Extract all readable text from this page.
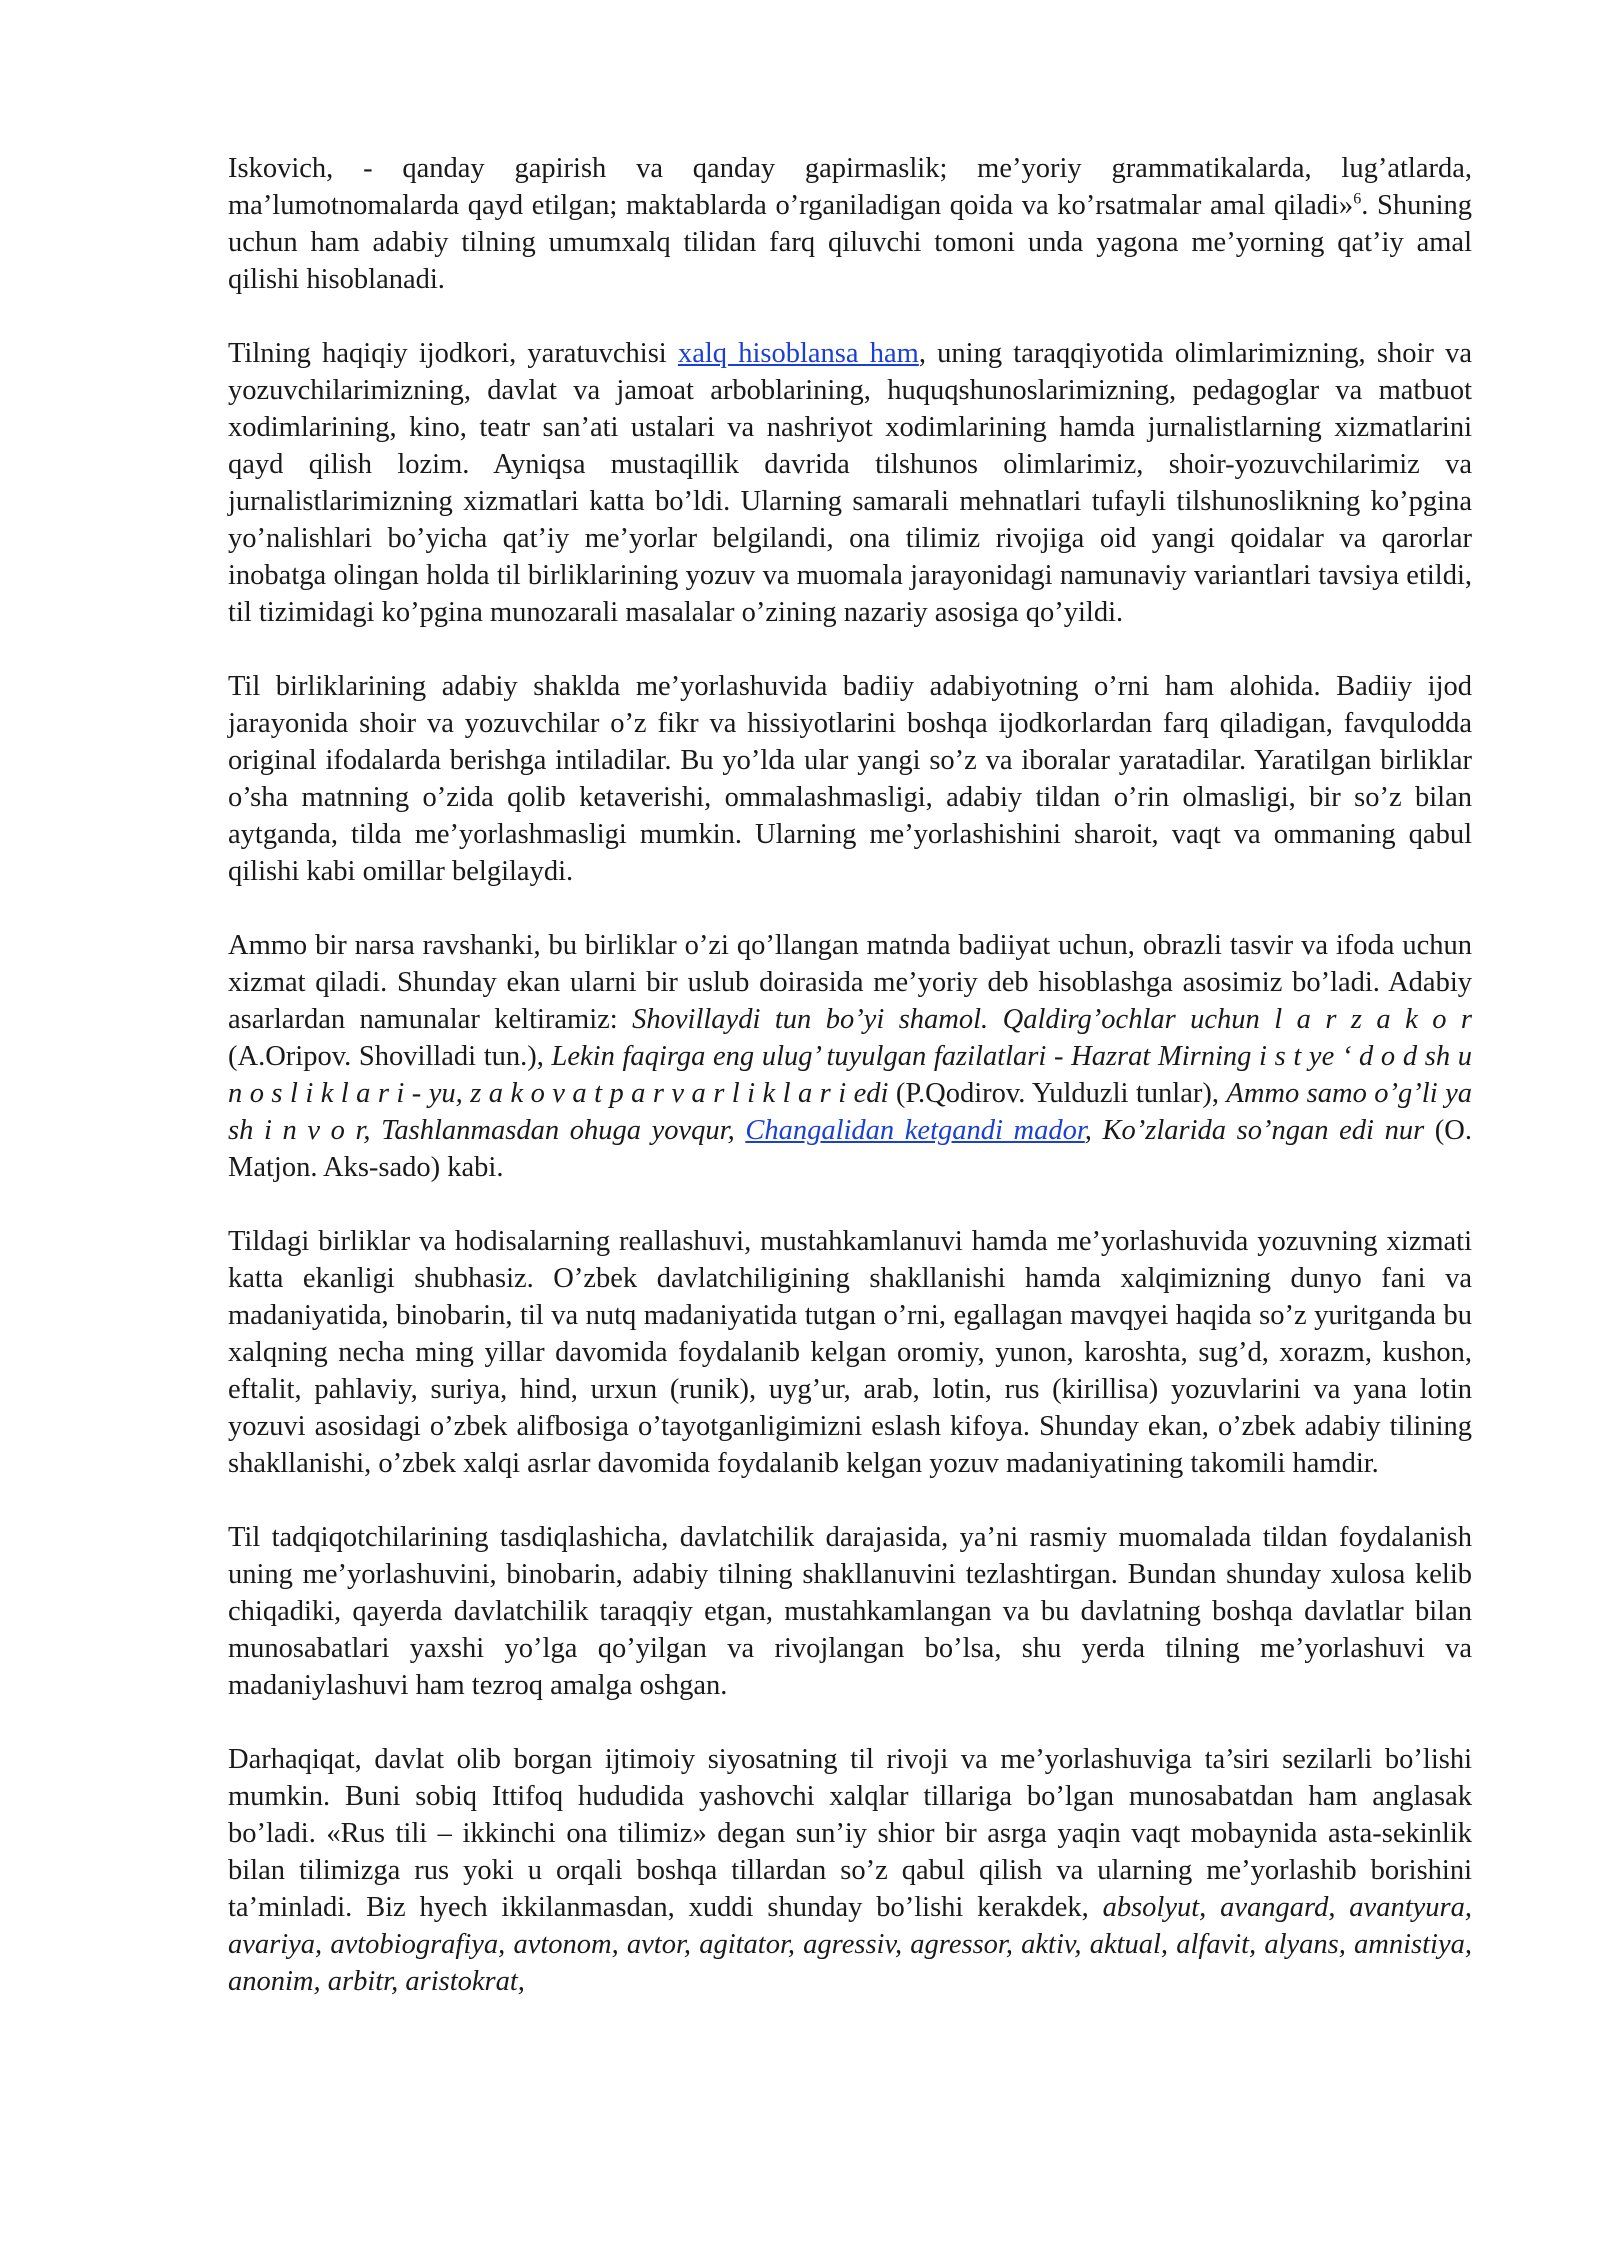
Iskovich, - qanday gapirish va qanday gapirmaslik; me’yoriy grammatikalarda, lug’atlarda, ma’lumotnomalarda qayd etilgan; maktablarda o’rganiladigan qoida va ko’rsatmalar amal qiladi»$^6$. Shuning uchun ham adabiy tilning umumxalq tilidan farq qiluvchi tomoni unda yagona me’yorning qat’iy amal qilishi hisoblanadi.

Tilning haqiqiy ijodkori, yaratuvchisi xalq hisoblansa ham, uning taraqqiyotida olimlarimizning, shoir va yozuvchilarimizning, davlat va jamoat arboblarining, huquqshunoslarimizning, pedagoglar va matbuot xodimlarining, kino, teatr san’ati ustalari va nashriyot xodimlarining hamda jurnalistlarning xizmatlarini qayd qilish lozim. Ayniqsa mustaqillik davrida tilshunos olimlarimiz, shoir-yozuvchilarimiz va jurnalistlarimizning xizmatlari katta bo’ldi. Ularning samarali mehnatlari tufayli tilshunoslikning ko’pgina yo’nalishlari bo’yicha qat’iy me’yorlar belgilandi, ona tilimiz rivojiga oid yangi qoidalar va qarorlar inobatga olingan holda til birliklarining yozuv va muomala jarayonidagi namunaviy variantlari tavsiya etildi, til tizimidagi ko’pgina munozarali masalalar o’zining nazariy asosiga qo’yildi.

Til birliklarining adabiy shaklda me’yorlashuvida badiiy adabiyotning o’rni ham alohida. Badiiy ijod jarayonida shoir va yozuvchilar o’z fikr va hissiyotlarini boshqa ijodkorlardan farq qiladigan, favqulodda original ifodalarda berishga intiladilar. Bu yo’lda ular yangi so’z va iboralar yaratadilar. Yaratilgan birliklar o’sha matnning o’zida qolib ketaverishi, ommalashmasligi, adabiy tildan o’rin olmasligi, bir so’z bilan aytganda, tilda me’yorlashmasligi mumkin. Ularning me’yorlashishini sharoit, vaqt va ommaning qabul qilishi kabi omillar belgilaydi.

Ammo bir narsa ravshanki, bu birliklar o’zi qo’llangan matnda badiiyat uchun, obrazli tasvir va ifoda uchun xizmat qiladi. Shunday ekan ularni bir uslub doirasida me’yoriy deb hisoblashga asosimiz bo’ladi. Adabiy asarlardan namunalar keltiramiz: Shovillaydi tun bo’yi shamol. Qaldirg’ochlar uchun l a r z a k o r (A.Oripov. Shovilladi tun.), Lekin faqirga eng ulug’ tuyulgan fazilatlari - Hazrat Mirning i s t ye ‘ d o d sh u n o s l i k l a r i - yu, z a k o v a t p a r v a r l i k l a r i edi (P.Qodirov. Yulduzli tunlar), Ammo samo o’g’li ya sh i n v o r, Tashlanmasdan ohuga yovqur, Changalidan ketgandi mador, Ko’zlarida so’ngan edi nur (O. Matjon. Aks-sado) kabi.

Tildagi birliklar va hodisalarning reallashuvi, mustahkamlanuvi hamda me’yorlashuvida yozuvning xizmati katta ekanligi shubhasiz. O’zbek davlatchiligining shakllanishi hamda xalqimizning dunyo fani va madaniyatida, binobarin, til va nutq madaniyatida tutgan o’rni, egallagan mavqyei haqida so’z yuritganda bu xalqning necha ming yillar davomida foydalanib kelgan oromiy, yunon, karoshta, sug’d, xorazm, kushon, eftalit, pahlaviy, suriya, hind, urxun (runik), uyg’ur, arab, lotin, rus (kirillisa) yozuvlarini va yana lotin yozuvi asosidagi o’zbek alifbosiga o’tayotganligimizni eslash kifoya. Shunday ekan, o’zbek adabiy tilining shakllanishi, o’zbek xalqi asrlar davomida foydalanib kelgan yozuv madaniyatining takomili hamdir.

Til tadqiqotchilarining tasdiqlashicha, davlatchilik darajasida, ya’ni rasmiy muomalada tildan foydalanish uning me’yorlashuvini, binobarin, adabiy tilning shakllanuvini tezlashtirgan. Bundan shunday xulosa kelib chiqadiki, qayerda davlatchilik taraqqiy etgan, mustahkamlangan va bu davlatning boshqa davlatlar bilan munosabatlari yaxshi yo’lga qo’yilgan va rivojlangan bo’lsa, shu yerda tilning me’yorlashuvi va madaniylashuvi ham tezroq amalga oshgan.

Darhaqiqat, davlat olib borgan ijtimoiy siyosatning til rivoji va me’yorlashuviga ta’siri sezilarli bo’lishi mumkin. Buni sobiq Ittifoq hududida yashovchi xalqlar tillariga bo’lgan munosabatdan ham anglasak bo’ladi. «Rus tili – ikkinchi ona tilimiz» degan sun’iy shior bir asrga yaqin vaqt mobaynida asta-sekinlik bilan tilimizga rus yoki u orqali boshqa tillardan so’z qabul qilish va ularning me’yorlashib borishini ta’minladi. Biz hyech ikkilanmasdan, xuddi shunday bo’lishi kerakdek, absolyut, avangard, avantyura, avariya, avtobiografiya, avtonom, avtor, agitator, agressiv, agressor, aktiv, aktual, alfavit, alyans, amnistiya, anonim, arbitr, aristokrat,
